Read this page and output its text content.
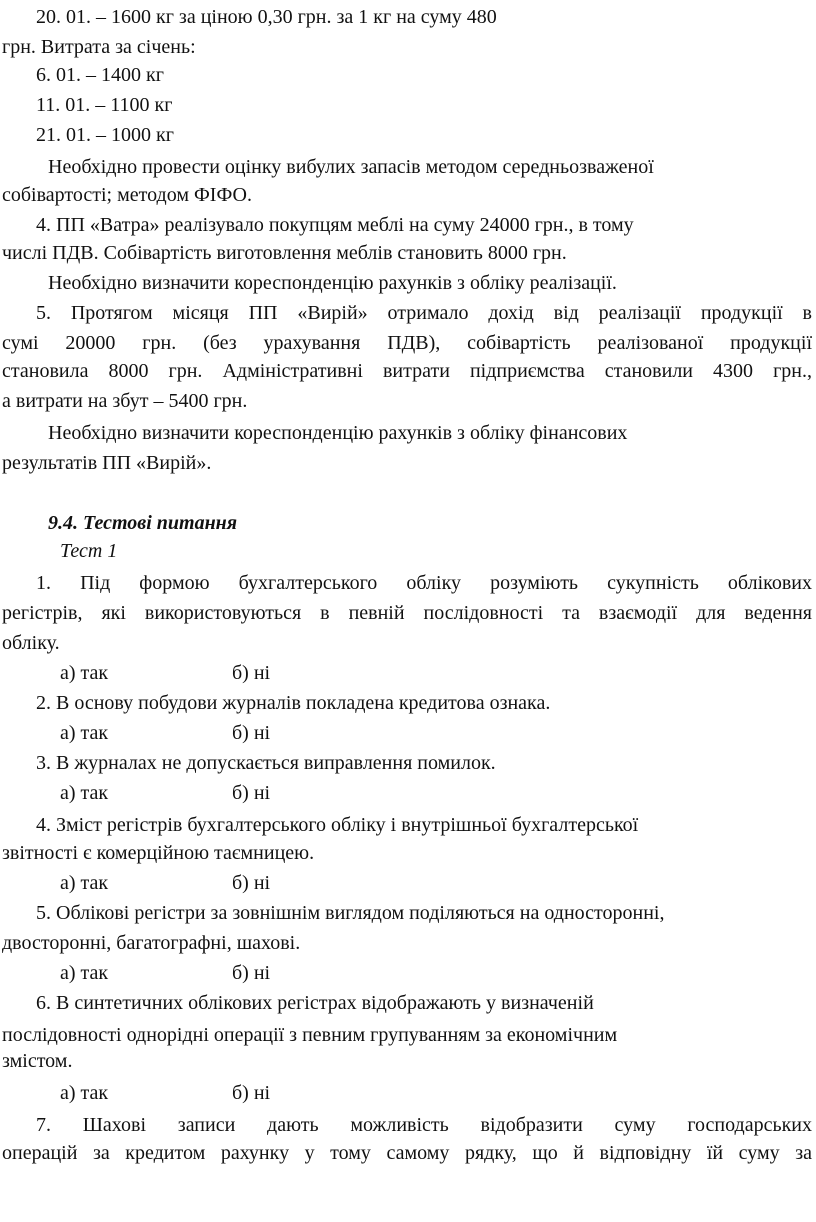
20. 01. – 1600 кг за ціною 0,30 грн. за 1 кг на суму 480
грн. Витрата за січень:
6. 01. – 1400 кг
11. 01. – 1100 кг
21. 01. – 1000 кг
Необхідно провести оцінку вибулих запасів методом середньозваженої
собівартості; методом ФІФО.
4. ПП «Ватра» реалізувало покупцям меблі на суму 24000 грн., в тому
числі ПДВ. Собівартість виготовлення меблів становить 8000 грн.
Необхідно визначити кореспонденцію рахунків з обліку реалізації.
5. Протягом місяця ПП «Вирій» отримало дохід від реалізації продукції в
сумі 20000 грн. (без урахування ПДВ), собівартість реалізованої продукції
становила 8000 грн. Адміністративні витрати підприємства становили 4300 грн.,
а витрати на збут – 5400 грн.
Необхідно визначити кореспонденцію рахунків з обліку фінансових
результатів ПП «Вирій».
9.4. Тестові питання
Тест 1
1. Під формою бухгалтерського обліку розуміють сукупність облікових
регістрів, які використовуються в певній послідовності та взаємодії для ведення
обліку.
а) так	б) ні
2. В основу побудови журналів покладена кредитова ознака.
а) так	б) ні
3. В журналах не допускається виправлення помилок.
а) так	б) ні
4. Зміст регістрів бухгалтерського обліку і внутрішньої бухгалтерської
звітності є комерційною таємницею.
а) так	б) ні
5. Облікові регістри за зовнішнім виглядом поділяються на односторонні,
двосторонні, багатографні, шахові.
а) так	б) ні
6. В синтетичних облікових регістрах відображають у визначеній
послідовності однорідні операції з певним групуванням за економічним
змістом.
а) так	б) ні
7. Шахові записи дають можливість відобразити суму господарських
операцій за кредитом рахунку у тому самому рядку, що й відповідну їй суму за
